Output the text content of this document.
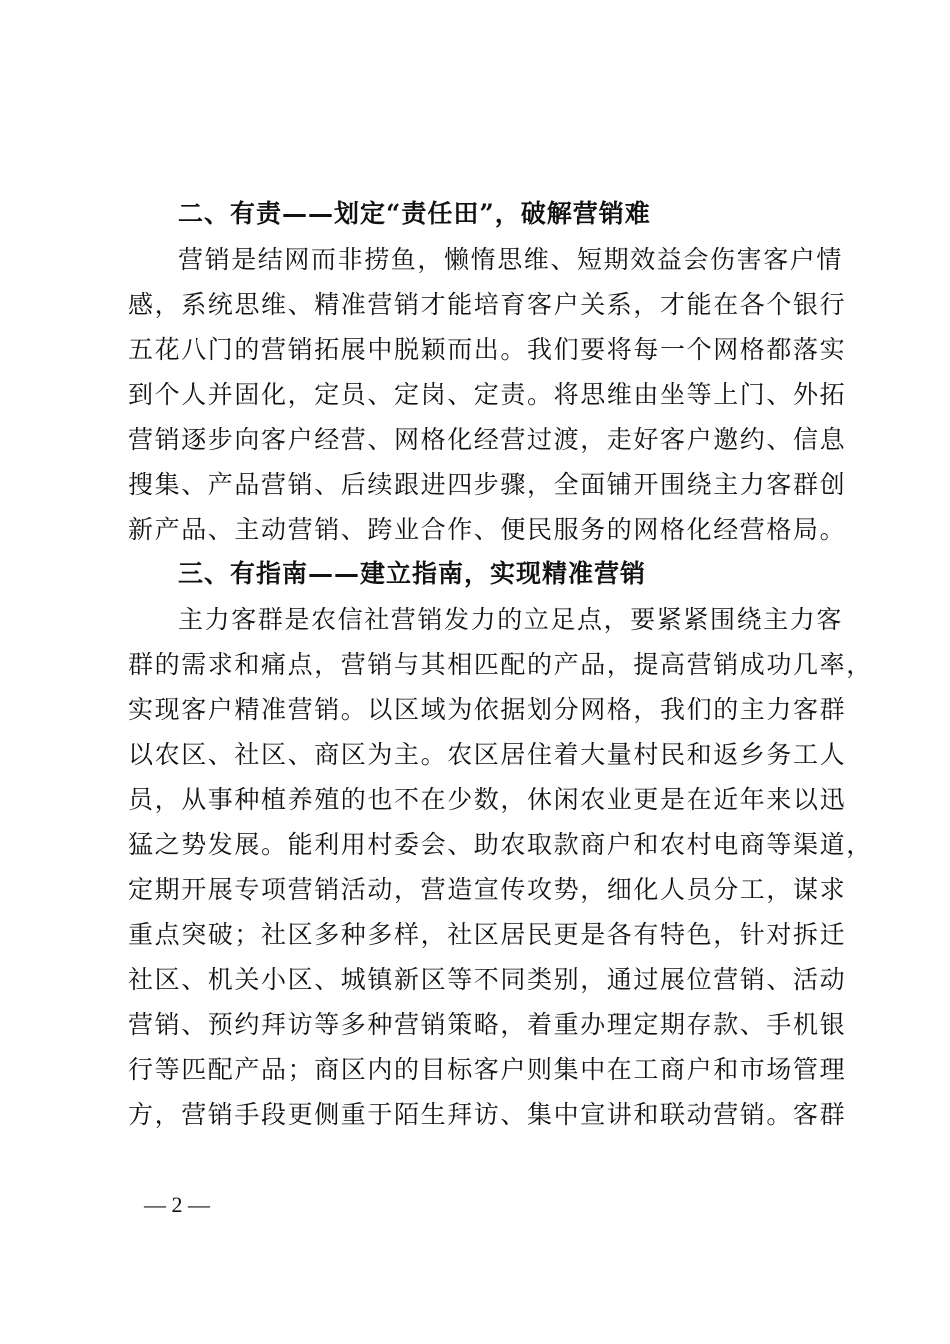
二、有责——划定“责任田”，破解营销难
营销是结网而非捞鱼，懒惰思维、短期效益会伤害客户情
感，系统思维、精准营销才能培育客户关系，才能在各个银行
五花八门的营销拓展中脱颖而出。我们要将每一个网格都落实
到个人并固化，定员、定岗、定责。将思维由坐等上门、外拓
营销逐步向客户经营、网格化经营过渡，走好客户邀约、信息
搜集、产品营销、后续跟进四步骤，全面铺开围绕主力客群创
新产品、主动营销、跨业合作、便民服务的网格化经营格局。
三、有指南——建立指南，实现精准营销
主力客群是农信社营销发力的立足点，要紧紧围绕主力客
群的需求和痛点，营销与其相匹配的产品，提高营销成功几率，
实现客户精准营销。以区域为依据划分网格，我们的主力客群
以农区、社区、商区为主。农区居住着大量村民和返乡务工人
员，从事种植养殖的也不在少数，休闲农业更是在近年来以迅
猛之势发展。能利用村委会、助农取款商户和农村电商等渠道，
定期开展专项营销活动，营造宣传攻势，细化人员分工，谋求
重点突破；社区多种多样，社区居民更是各有特色，针对拆迁
社区、机关小区、城镇新区等不同类别，通过展位营销、活动
营销、预约拜访等多种营销策略，着重办理定期存款、手机银
行等匹配产品；商区内的目标客户则集中在工商户和市场管理
方，营销手段更侧重于陌生拜访、集中宣讲和联动营销。客群
— 2 —
